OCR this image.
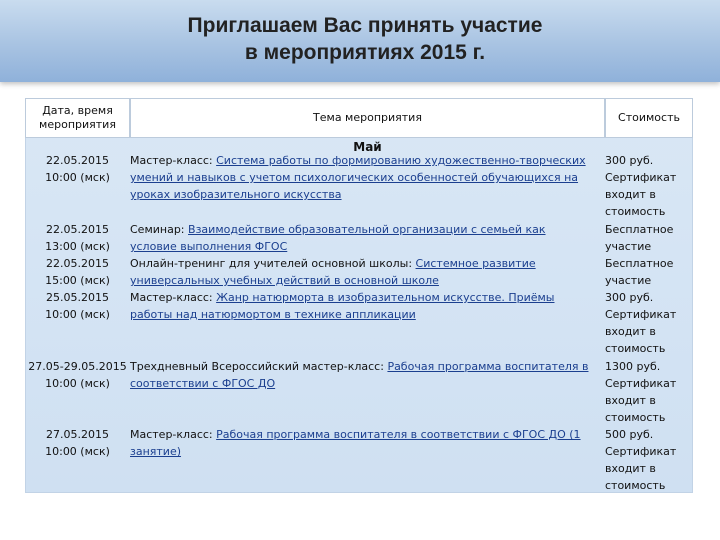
Приглашаем Вас принять участие
в мероприятиях 2015 г.
Дата, время
мероприятия
Тема мероприятия	Стоимость
Май
22.05.2015
10:00 (мск)
Мастер-класс: Система работы по формированию художественно-творческих
умений и навыков с учетом психологических особенностей обучающихся на
уроках изобразительного искусства
300 руб.
Сертификат
входит в
стоимость
22.05.2015
13:00 (мск)
Семинар: Взаимодействие образовательной организации с семьей как
условие выполнения ФГОС
Бесплатное
участие
22.05.2015
15:00 (мск)
Онлайн-тренинг для учителей основной школы: Системное развитие
универсальных учебных действий в основной школе
Бесплатное
участие
25.05.2015
10:00 (мск)
Мастер-класс: Жанр натюрморта в изобразительном искусстве. Приёмы
работы над натюрмортом в технике аппликации
300 руб.
Сертификат
входит в
стоимость
27.05-29.05.2015
10:00 (мск)
Трехдневный Всероссийский мастер-класс: Рабочая программа воспитателя в
соответствии с ФГОС ДО
1300 руб.
Сертификат
входит в
стоимость
27.05.2015
10:00 (мск)
Мастер-класс: Рабочая программа воспитателя в соответствии с ФГОС ДО (1
занятие)
500 руб.
Сертификат
входит в
стоимость
